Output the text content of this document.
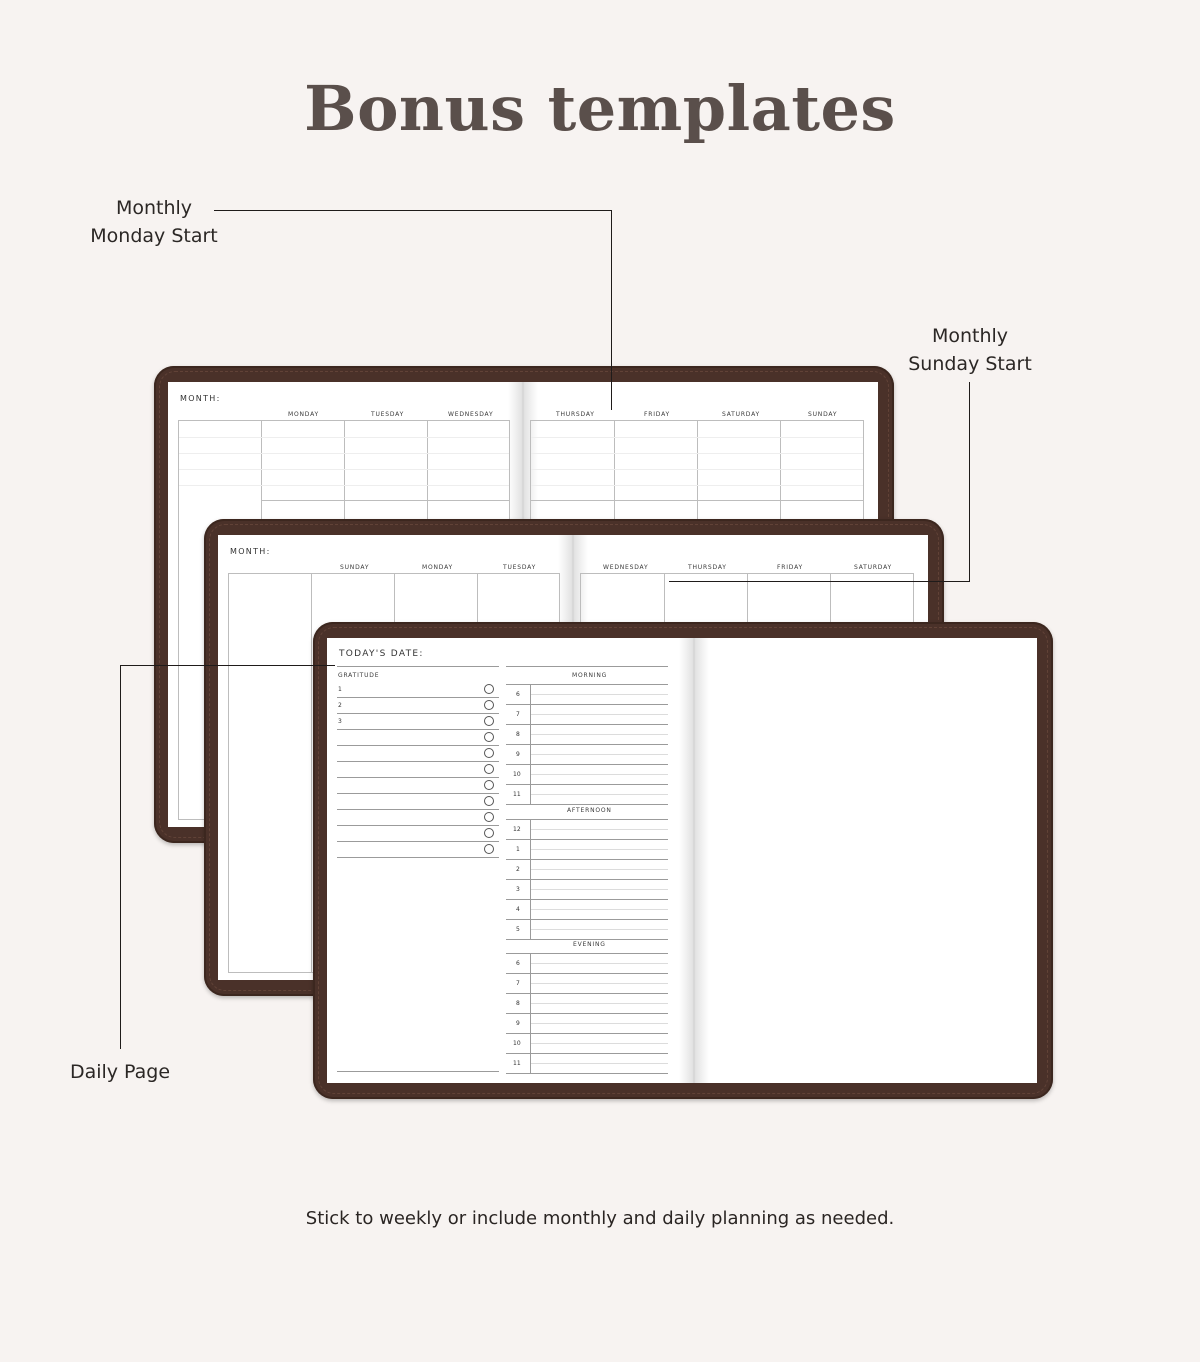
Bonus templates
Monthly
Monday Start
Monthly
Sunday Start
Daily Page
MONTH:
MONDAY	TUESDAY	WEDNESDAY	THURSDAY	FRIDAY	SATURDAY	SUNDAY
MONTH:
SUNDAY	MONDAY	TUESDAY	WEDNESDAY	THURSDAY	FRIDAY	SATURDAY
TODAY'S DATE:
GRATITUDE	MORNING
AFTERNOON
EVENING
1
2
3
6
7
8
9
10
11
12
1
2
3
4
5
6
7
8
9
10
11
Stick to weekly or include monthly and daily planning as needed.
